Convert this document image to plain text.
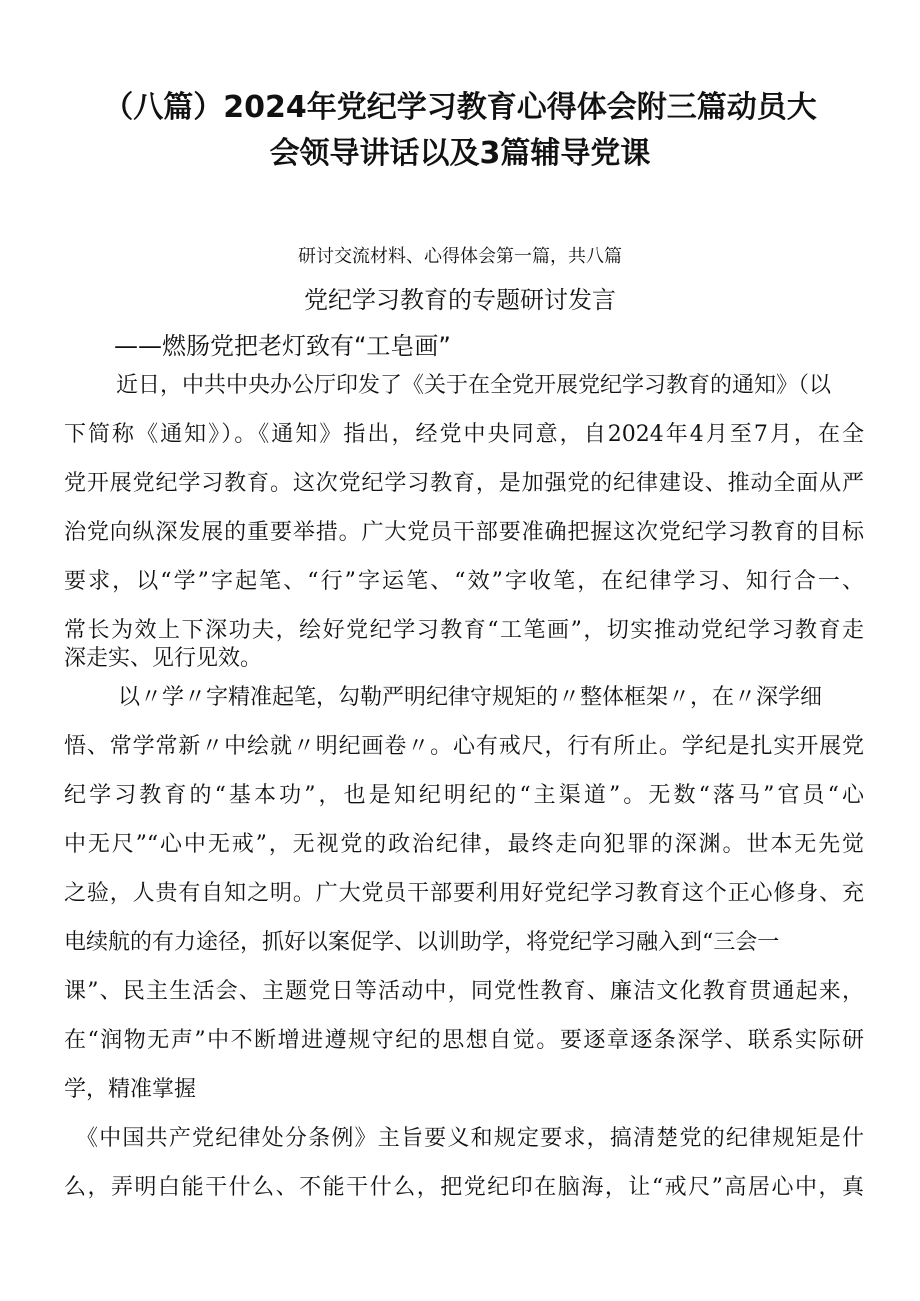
（八篇）2024年党纪学习教育心得体会附三篇动员大
会领导讲话以及3篇辅导党课
研讨交流材料、心得体会第一篇，共八篇
党纪学习教育的专题研讨发言
——燃肠党把老灯致有“工皂画”
近日，中共中央办公厅印发了《关于在全党开展党纪学习教育的通知》（以
下简称《通知》）。《通知》指出，经党中央同意，自2024年4月至7月，在全
党开展党纪学习教育。这次党纪学习教育，是加强党的纪律建设、推动全面从严
治党向纵深发展的重要举措。广大党员干部要准确把握这次党纪学习教育的目标
要求，以“学”字起笔、“行”字运笔、“效”字收笔，在纪律学习、知行合一、
常长为效上下深功夫，绘好党纪学习教育“工笔画”，切实推动党纪学习教育走
深走实、见行见效。
以〃学〃字精准起笔，勾勒严明纪律守规矩的〃整体框架〃，在〃深学细
悟、常学常新〃中绘就〃明纪画卷〃。心有戒尺，行有所止。学纪是扎实开展党
纪学习教育的“基本功”，也是知纪明纪的“主渠道”。无数“落马”官员“心
中无尺”“心中无戒”，无视党的政治纪律，最终走向犯罪的深渊。世本无先觉
之验，人贵有自知之明。广大党员干部要利用好党纪学习教育这个正心修身、充
电续航的有力途径，抓好以案促学、以训助学，将党纪学习融入到“三会一
课”、民主生活会、主题党日等活动中，同党性教育、廉洁文化教育贯通起来，
在“润物无声”中不断增进遵规守纪的思想自觉。要逐章逐条深学、联系实际研
学，精准掌握
《中国共产党纪律处分条例》主旨要义和规定要求，搞清楚党的纪律规矩是什
么，弄明白能干什么、不能干什么，把党纪印在脑海，让“戒尺”高居心中，真
